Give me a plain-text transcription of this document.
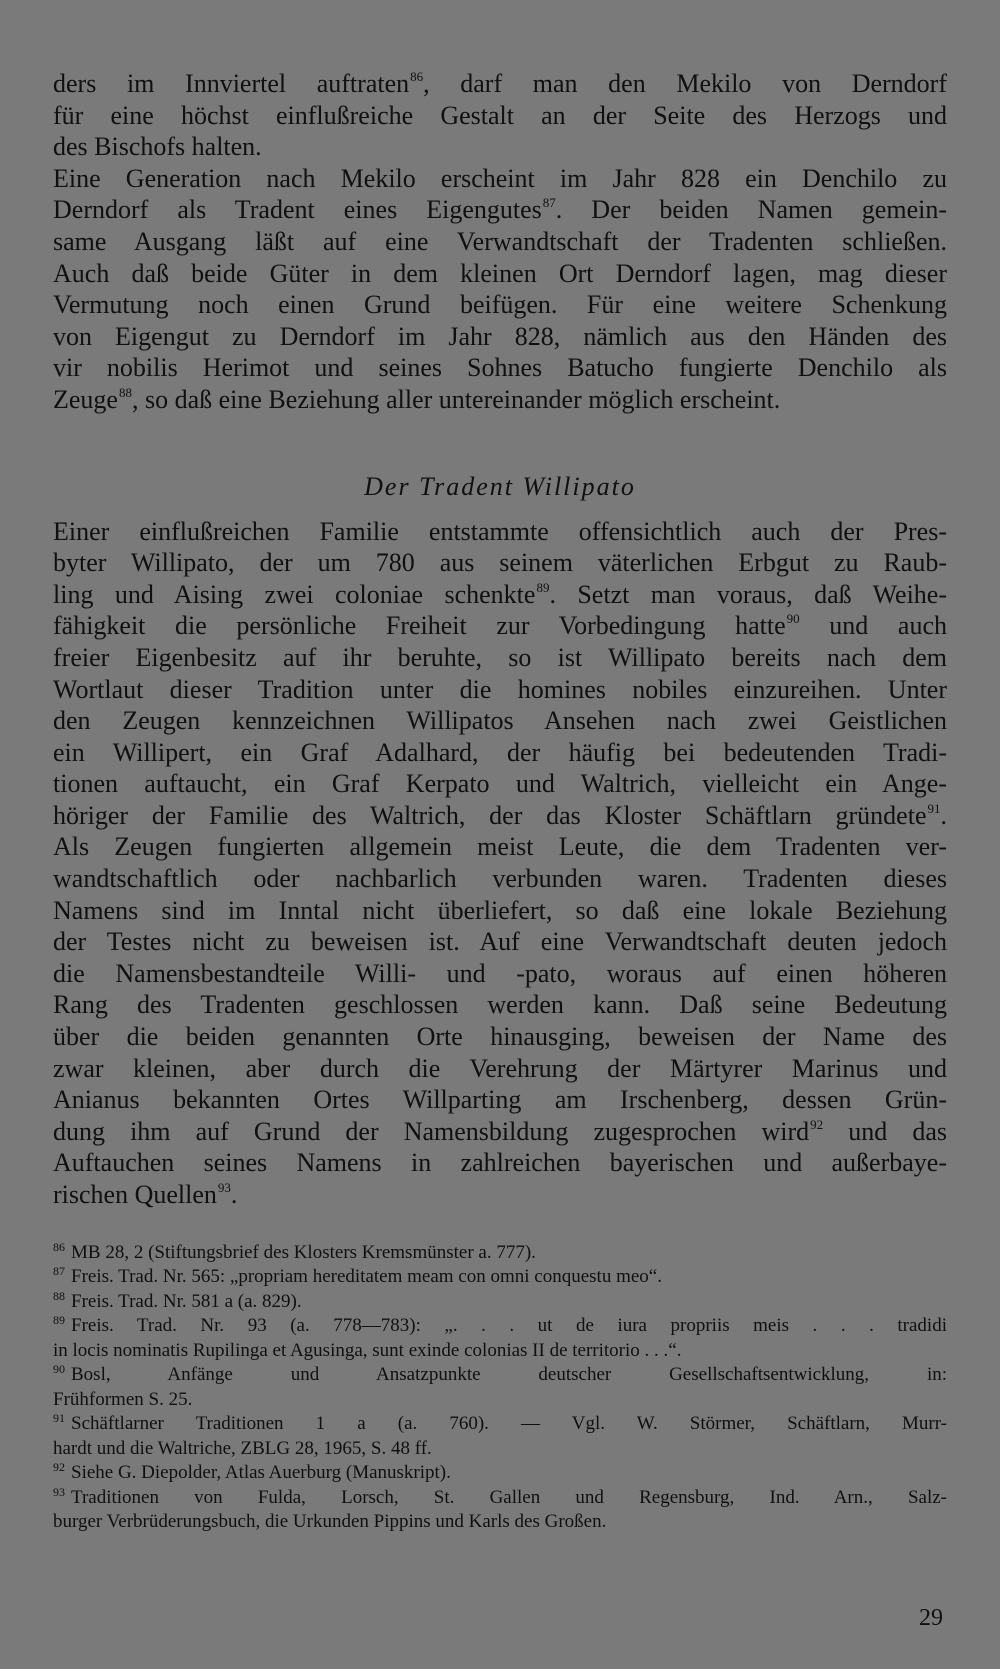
ders im Innviertel auftraten$^{86}$, darf man den Mekilo von Derndorf
für eine höchst einflußreiche Gestalt an der Seite des Herzogs und
des Bischofs halten.

Eine Generation nach Mekilo erscheint im Jahr 828 ein Denchilo zu
Derndorf als Tradent eines Eigengutes$^{87}$. Der beiden Namen gemein-
same Ausgang läßt auf eine Verwandtschaft der Tradenten schließen.
Auch daß beide Güter in dem kleinen Ort Derndorf lagen, mag dieser
Vermutung noch einen Grund beifügen. Für eine weitere Schenkung
von Eigengut zu Derndorf im Jahr 828, nämlich aus den Händen des
vir nobilis Herimot und seines Sohnes Batucho fungierte Denchilo als
Zeuge$^{88}$, so daß eine Beziehung aller untereinander möglich erscheint.

Der Tradent Willipato

Einer einflußreichen Familie entstammte offensichtlich auch der Pres-
byter Willipato, der um 780 aus seinem väterlichen Erbgut zu Raub-
ling und Aising zwei coloniae schenkte$^{89}$. Setzt man voraus, daß Weihe-
fähigkeit die persönliche Freiheit zur Vorbedingung hatte$^{90}$ und auch
freier Eigenbesitz auf ihr beruhte, so ist Willipato bereits nach dem
Wortlaut dieser Tradition unter die homines nobiles einzureihen. Unter
den Zeugen kennzeichnen Willipatos Ansehen nach zwei Geistlichen
ein Willipert, ein Graf Adalhard, der häufig bei bedeutenden Tradi-
tionen auftaucht, ein Graf Kerpato und Waltrich, vielleicht ein Ange-
höriger der Familie des Waltrich, der das Kloster Schäftlarn gründete$^{91}$.
Als Zeugen fungierten allgemein meist Leute, die dem Tradenten ver-
wandtschaftlich oder nachbarlich verbunden waren. Tradenten dieses
Namens sind im Inntal nicht überliefert, so daß eine lokale Beziehung
der Testes nicht zu beweisen ist. Auf eine Verwandtschaft deuten jedoch
die Namensbestandteile Willi- und -pato, woraus auf einen höheren
Rang des Tradenten geschlossen werden kann. Daß seine Bedeutung
über die beiden genannten Orte hinausging, beweisen der Name des
zwar kleinen, aber durch die Verehrung der Märtyrer Marinus und
Anianus bekannten Ortes Willparting am Irschenberg, dessen Grün-
dung ihm auf Grund der Namensbildung zugesprochen wird$^{92}$ und das
Auftauchen seines Namens in zahlreichen bayerischen und außerbaye-
rischen Quellen$^{93}$.

$^{86}$ MB 28, 2 (Stiftungsbrief des Klosters Kremsmünster a. 777).
$^{87}$ Freis. Trad. Nr. 565: „propriam hereditatem meam con omni conquestu meo“.
$^{88}$ Freis. Trad. Nr. 581 a (a. 829).
$^{89}$ Freis. Trad. Nr. 93 (a. 778—783): „. . . ut de iura propriis meis . . . tradidi
in locis nominatis Rupilinga et Agusinga, sunt exinde colonias II de territorio . . .“.
$^{90}$ Bosl, Anfänge und Ansatzpunkte deutscher Gesellschaftsentwicklung, in:
Frühformen S. 25.
$^{91}$ Schäftlarner Traditionen 1 a (a. 760). — Vgl. W. Störmer, Schäftlarn, Murr-
hardt und die Waltriche, ZBLG 28, 1965, S. 48 ff.
$^{92}$ Siehe G. Diepolder, Atlas Auerburg (Manuskript).
$^{93}$ Traditionen von Fulda, Lorsch, St. Gallen und Regensburg, Ind. Arn., Salz-
burger Verbrüderungsbuch, die Urkunden Pippins und Karls des Großen.
29
